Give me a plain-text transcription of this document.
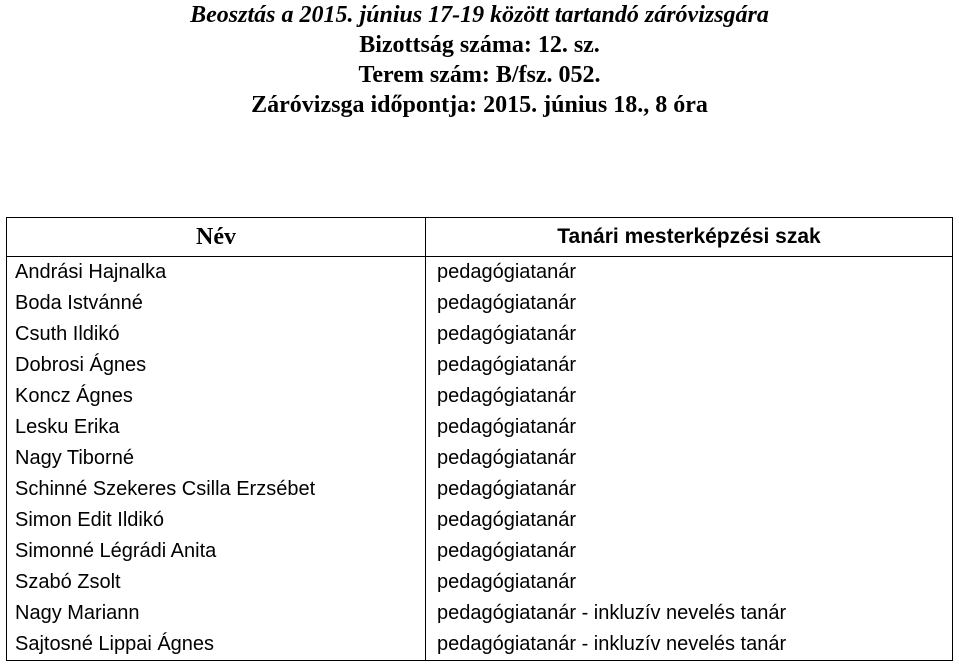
Beosztás a 2015. június 17-19 között tartandó záróvizsgára
Bizottság száma: 12. sz.
Terem szám: B/fsz. 052.
Záróvizsga időpontja: 2015. június 18., 8 óra
Név	Tanári mesterképzési szak
Andrási Hajnalka	pedagógiatanár
Boda Istvánné	pedagógiatanár
Csuth Ildikó	pedagógiatanár
Dobrosi Ágnes	pedagógiatanár
Koncz Ágnes	pedagógiatanár
Lesku Erika	pedagógiatanár
Nagy Tiborné	pedagógiatanár
Schinné Szekeres Csilla Erzsébet	pedagógiatanár
Simon Edit Ildikó	pedagógiatanár
Simonné Légrádi Anita	pedagógiatanár
Szabó Zsolt	pedagógiatanár
Nagy Mariann	pedagógiatanár - inkluzív nevelés tanár
Sajtosné Lippai Ágnes	pedagógiatanár - inkluzív nevelés tanár
